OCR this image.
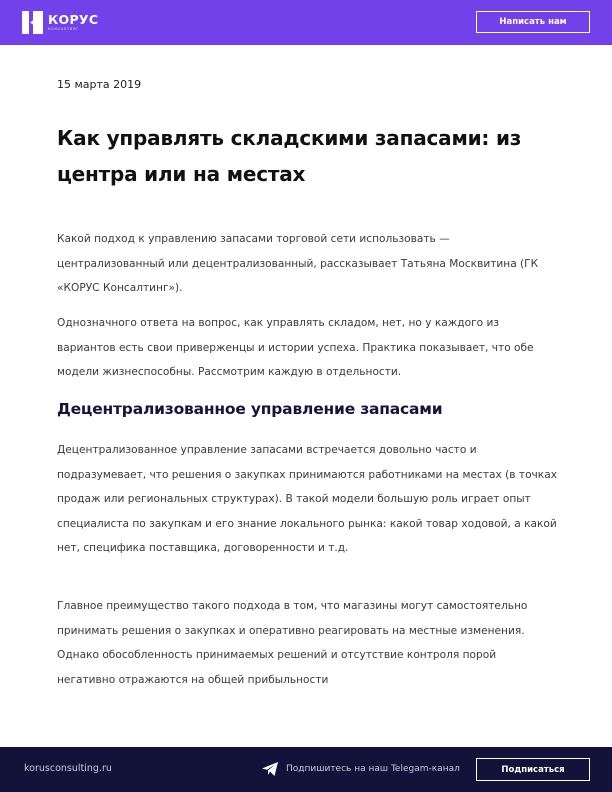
КОРУС
КОНСАЛТИНГ
Написать нам
15 марта 2019
Как управлять складскими запасами: из центра или на местах

Какой подход к управлению запасами торговой сети использовать — централизованный или децентрализованный, рассказывает Татьяна Москвитина (ГК «КОРУС Консалтинг»).

Однозначного ответа на вопрос, как управлять складом, нет, но у каждого из вариантов есть свои приверженцы и истории успеха. Практика показывает, что обе модели жизнеспособны. Рассмотрим каждую в отдельности.

Децентрализованное управление запасами

Децентрализованное управление запасами встречается довольно часто и подразумевает, что решения о закупках принимаются работниками на местах (в точках продаж или региональных структурах). В такой модели большую роль играет опыт специалиста по закупкам и его знание локального рынка: какой товар ходовой, а какой нет, специфика поставщика, договоренности и т.д.

Главное преимущество такого подхода в том, что магазины могут самостоятельно принимать решения о закупках и оперативно реагировать на местные изменения. Однако обособленность принимаемых решений и отсутствие контроля порой негативно отражаются на общей прибыльности

korusconsulting.ru	Подпишитесь на наш Telegam-канал	Подписаться
